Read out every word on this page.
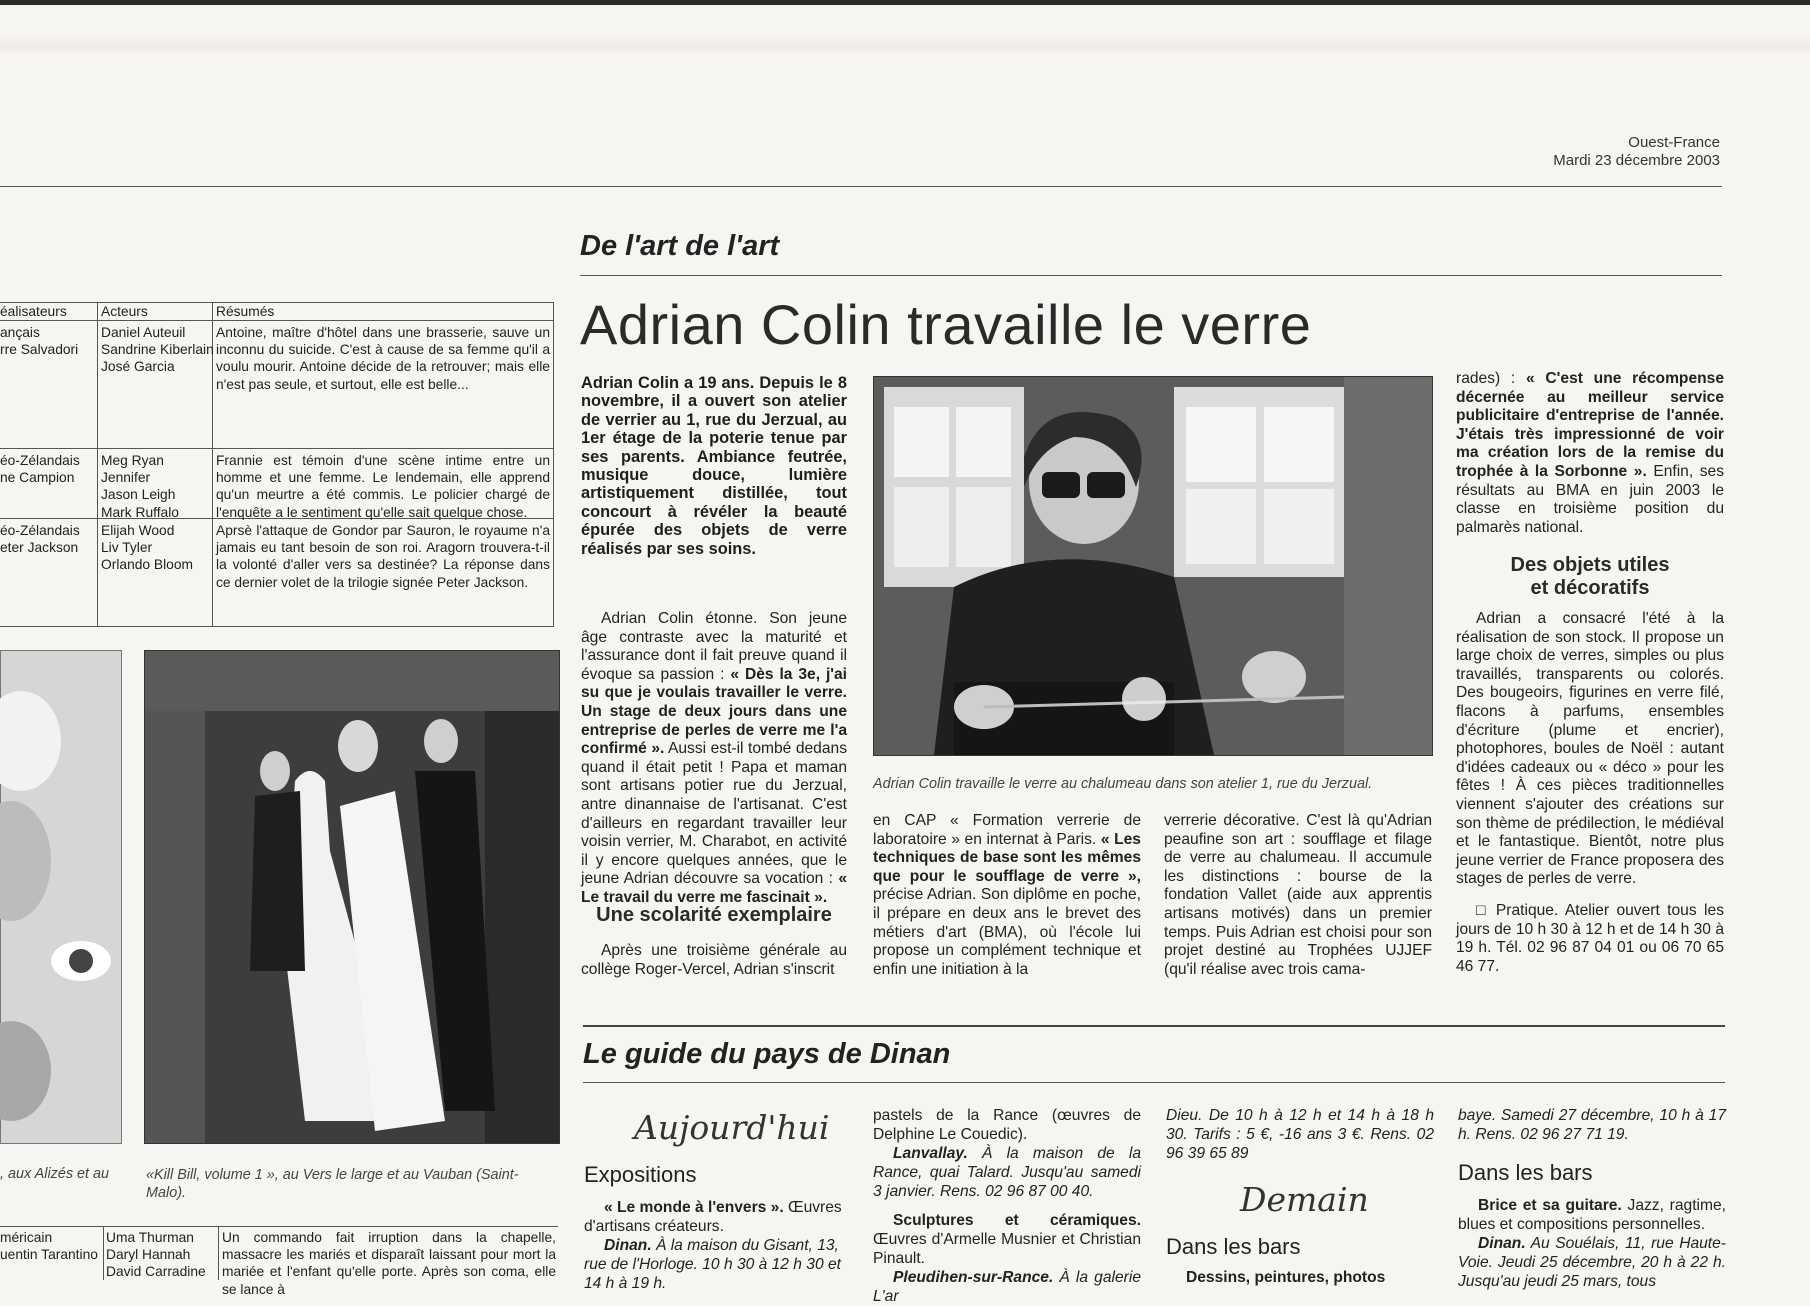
Ouest-France
Mardi 23 décembre 2003
De l'art de l'art
Adrian Colin travaille le verre
Adrian Colin a 19 ans. Depuis le 8 novembre, il a ouvert son atelier de verrier au 1, rue du Jerzual, au 1er étage de la poterie tenue par ses parents. Ambiance feutrée, musique douce, lumière artistiquement distillée, tout concourt à révéler la beauté épurée des objets de verre réalisés par ses soins.

Adrian Colin étonne. Son jeune âge contraste avec la maturité et l'assurance dont il fait preuve quand il évoque sa passion : « Dès la 3e, j'ai su que je voulais travailler le verre. Un stage de deux jours dans une entreprise de perles de verre me l'a confirmé ». Aussi est-il tombé dedans quand il était petit ! Papa et maman sont artisans potier rue du Jerzual, antre dinannaise de l'artisanat. C'est d'ailleurs en regardant travailler leur voisin verrier, M. Charabot, en activité il y encore quelques années, que le jeune Adrian découvre sa vocation : « Le travail du verre me fascinait ».

Une scolarité exemplaire

Après une troisième générale au collège Roger-Vercel, Adrian s'inscrit

Adrian Colin travaille le verre au chalumeau dans son atelier 1, rue du Jerzual.

en CAP « Formation verrerie de laboratoire » en internat à Paris. « Les techniques de base sont les mêmes que pour le soufflage de verre », précise Adrian. Son diplôme en poche, il prépare en deux ans le brevet des métiers d'art (BMA), où l'école lui propose un complément technique et enfin une initiation à la

verrerie décorative. C'est là qu'Adrian peaufine son art : soufflage et filage de verre au chalumeau. Il accumule les distinctions : bourse de la fondation Vallet (aide aux apprentis artisans motivés) dans un premier temps. Puis Adrian est choisi pour son projet destiné au Trophées UJJEF (qu'il réalise avec trois cama-

rades) : « C'est une récompense décernée au meilleur service publicitaire d'entreprise de l'année. J'étais très impressionné de voir ma création lors de la remise du trophée à la Sorbonne ». Enfin, ses résultats au BMA en juin 2003 le classe en troisième position du palmarès national.

Des objets utiles
et décoratifs

Adrian a consacré l'été à la réalisation de son stock. Il propose un large choix de verres, simples ou plus travaillés, transparents ou colorés. Des bougeoirs, figurines en verre filé, flacons à parfums, ensembles d'écriture (plume et encrier), photophores, boules de Noël : autant d'idées cadeaux ou « déco » pour les fêtes ! À ces pièces traditionnelles viennent s'ajouter des créations sur son thème de prédilection, le médiéval et le fantastique. Bientôt, notre plus jeune verrier de France proposera des stages de perles de verre.

□ Pratique. Atelier ouvert tous les jours de 10 h 30 à 12 h et de 14 h 30 à 19 h. Tél. 02 96 87 04 01 ou 06 70 65 46 77.

éalisateurs Acteurs	Résumés
ançais
rre Salvadori
Daniel Auteuil
Sandrine Kiberlain
José Garcia
Antoine, maître d'hôtel dans une brasserie, sauve un inconnu du suicide. C'est à cause de sa femme qu'il a voulu mourir. Antoine décide de la retrouver; mais elle n'est pas seule, et surtout, elle est belle...
éo-Zélandais
ne Campion
Meg Ryan
Jennifer
Jason Leigh
Mark Ruffalo
Frannie est témoin d'une scène intime entre un homme et une femme. Le lendemain, elle apprend qu'un meurtre a été commis. Le policier chargé de l'enquête a le sentiment qu'elle sait quelque chose.
éo-Zélandais
eter Jackson
Elijah Wood
Liv Tyler
Orlando Bloom
Aprsè l'attaque de Gondor par Sauron, le royaume n'a jamais eu tant besoin de son roi. Aragorn trouvera-t-il la volonté d'aller vers sa destinée? La réponse dans ce dernier volet de la trilogie signée Peter Jackson.
, aux Alizés et au	«Kill Bill, volume 1 », au Vers le large et au Vauban (Saint-Malo).
méricain
uentin Tarantino
Uma Thurman
Daryl Hannah
David Carradine
Un commando fait irruption dans la chapelle, massacre les mariés et disparaît laissant pour mort la mariée et l'enfant qu'elle porte. Après son coma, elle se lance à
Le guide du pays de Dinan
Aujourd'hui
Expositions
« Le monde à l'envers ». Œuvres d'artisans créateurs.
Dinan. À la maison du Gisant, 13, rue de l'Horloge. 10 h 30 à 12 h 30 et 14 h à 19 h.
pastels de la Rance (œuvres de Delphine Le Couedic).
Lanvallay. À la maison de la Rance, quai Talard. Jusqu'au samedi 3 janvier. Rens. 02 96 87 00 40.
Sculptures et céramiques. Œuvres d'Armelle Musnier et Christian Pinault.
Pleudihen-sur-Rance. À la galerie L'ar
Dieu. De 10 h à 12 h et 14 h à 18 h 30. Tarifs : 5 €, -16 ans 3 €. Rens. 02 96 39 65 89
Demain
Dans les bars
Dessins, peintures, photos
baye. Samedi 27 décembre, 10 h à 17 h. Rens. 02 96 27 71 19.
Dans les bars
Brice et sa guitare. Jazz, ragtime, blues et compositions personnelles.
Dinan. Au Souélais, 11, rue Haute-Voie. Jeudi 25 décembre, 20 h à 22 h. Jusqu'au jeudi 25 mars, tous
